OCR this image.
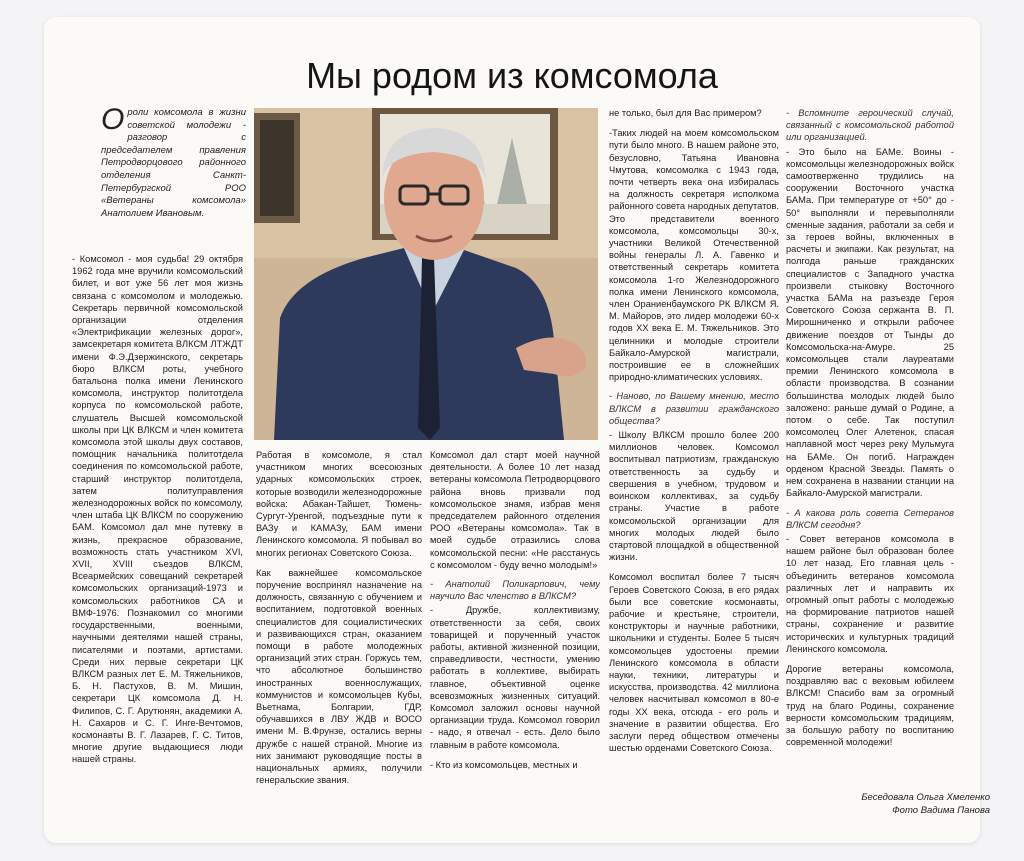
Мы родом из комсомола
О роли комсомола в жизни советской молодежи - разговор с председателем правления Петродворцового районного отделения Санкт-Петербургской РОО «Ветераны комсомола» Анатолием Ивановым.

- Комсомол - моя судьба! 29 октября 1962 года мне вручили комсомольский билет, и вот уже 56 лет моя жизнь связана с комсомолом и молодежью. Секретарь первичной комсомольской организации отделения «Электрификации железных дорог», замсекретаря комитета ВЛКСМ ЛТЖДТ имени Ф.Э.Дзержинского, секретарь бюро ВЛКСМ роты, учебного батальона полка имени Ленинского комсомола, инструктор политотдела корпуса по комсомольской работе, слушатель Высшей комсомольской школы при ЦК ВЛКСМ и член комитета комсомола этой школы двух составов, помощник начальника политотдела соединения по комсомольской работе, старший инструктор политотдела, затем политуправления железнодорожных войск по комсомолу, член штаба ЦК ВЛКСМ по сооружению БАМ. Комсомол дал мне путевку в жизнь, прекрасное образование, возможность стать участником XVI, XVII, XVIII съездов ВЛКСМ, Всеармейских совещаний секретарей комсомольских организаций-1973 и комсомольских работников СА и ВМФ-1976. Познакомил со многими государственными, военными, научными деятелями нашей страны, писателями и поэтами, артистами. Среди них первые секретари ЦК ВЛКСМ разных лет Е. М. Тяжельников, Б. Н. Пастухов, В. М. Мишин, секретари ЦК комсомола Д. Н. Филипов, С. Г. Арутюнян, академики А. Н. Сахаров и С. Г. Инге-Вечтомов, космонавты В. Г. Лазарев, Г. С. Титов, многие другие выдающиеся люди нашей страны.

Работая в комсомоле, я стал участником многих всесоюзных ударных комсомольских строек, которые возводили железнодорожные войска: Абакан-Тайшет, Тюмень-Сургут-Уренгой, подъездные пути к ВАЗу и КАМАЗу, БАМ имени Ленинского комсомола. Я побывал во многих регионах Советского Союза.

Как важнейшее комсомольское поручение воспринял назначение на должность, связанную с обучением и воспитанием, подготовкой военных специалистов для социалистических и развивающихся стран, оказанием помощи в работе молодежных организаций этих стран. Горжусь тем, что абсолютное большинство иностранных военнослужащих, коммунистов и комсомольцев Кубы, Вьетнама, Болгарии, ГДР, обучавшихся в ЛВУ ЖДВ и ВОСО имени М. В.Фрунзе, остались верны дружбе с нашей страной. Многие из них занимают руководящие посты в национальных армиях, получили генеральские звания.

Комсомол дал старт моей научной деятельности. А более 10 лет назад ветераны комсомола Петродворцового района вновь призвали под комсомольское знамя, избрав меня председателем районного отделения РОО «Ветераны комсомола». Так в моей судьбе отразились слова комсомольской песни: «Не расстанусь с комсомолом - буду вечно молодым!»

- Анатолий Поликарпович, чему научило Вас членство в ВЛКСМ?

- Дружбе, коллективизму, ответственности за себя, своих товарищей и порученный участок работы, активной жизненной позиции, справедливости, честности, умению работать в коллективе, выбирать главное, объективной оценке всевозможных жизненных ситуаций. Комсомол заложил основы научной организации труда. Комсомол говорил - надо, я отвечал - есть. Дело было главным в работе комсомола.

- Кто из комсомольцев, местных и

не только, был для Вас примером?

-Таких людей на моем комсомольском пути было много. В нашем районе это, безусловно, Татьяна Ивановна Чмутова, комсомолка с 1943 года, почти четверть века она избиралась на должность секретаря исполкома районного совета народных депутатов. Это представители военного комсомола, комсомольцы 30-х, участники Великой Отечественной войны генералы Л. А. Гавенко и ответственный секретарь комитета комсомола 1-го Железнодорожного полка имени Ленинского комсомола, член Ораниенбаумского РК ВЛКСМ Я. М. Майоров, это лидер молодежи 60-х годов XX века Е. М. Тяжельников. Это целинники и молодые строители Байкало-Амурской магистрали, построившие ее в сложнейших природно-климатических условиях.

- Наново, по Вашему мнению, место ВЛКСМ в развитии гражданского общества?

- Школу ВЛКСМ прошло более 200 миллионов человек. Комсомол воспитывал патриотизм, гражданскую ответственность за судьбу и свершения в учебном, трудовом и воинском коллективах, за судьбу страны. Участие в работе комсомольской организации для многих молодых людей было стартовой площадкой в общественной жизни.

Комсомол воспитал более 7 тысяч Героев Советского Союза, в его рядах были все советские космонавты, рабочие и крестьяне, строители, конструкторы и научные работники, школьники и студенты. Более 5 тысяч комсомольцев удостоены премии Ленинского комсомола в области науки, техники, литературы и искусства, производства. 42 миллиона человек насчитывал комсомол в 80-е годы XX века, отсюда - его роль и значение в развитии общества. Его заслуги перед обществом отмечены шестью орденами Советского Союза.

- Вспомните героический случай, связанный с комсомольской работой или организацией.

- Это было на БАМе. Воины - комсомольцы железнодорожных войск самоотверженно трудились на сооружении Восточного участка БАМа. При температуре от +50° до - 50° выполняли и перевыполняли сменные задания, работали за себя и за героев войны, включенных в расчеты и экипажи. Как результат, на полгода раньше гражданских специалистов с Западного участка произвели стыковку Восточного участка БАМа на разъезде Героя Советского Союза сержанта В. П. Мирошниченко и открыли рабочее движение поездов от Тынды до Комсомольска-на-Амуре. 25 комсомольцев стали лауреатами премии Ленинского комсомола в области производства. В сознании большинства молодых людей было заложено: раньше думай о Родине, а потом о себе. Так поступил комсомолец Олег Алетенок, спасая наплавной мост через реку Мульмуга на БАМе. Он погиб. Награжден орденом Красной Звезды. Память о нем сохранена в названии станции на Байкало-Амурской магистрали.

- А какова роль совета Сетеранов ВЛКСМ сегодня?

- Совет ветеранов комсомола в нашем районе был образован более 10 лет назад. Его главная цель - объединить ветеранов комсомола различных лет и направить их огромный опыт работы с молодежью на формирование патриотов нашей страны, сохранение и развитие исторических и культурных традиций Ленинского комсомола.

Дорогие ветераны комсомола, поздравляю вас с вековым юбилеем ВЛКСМ! Спасибо вам за огромный труд на благо Родины, сохранение верности комсомольским традициям, за большую работу по воспитанию современной молодежи!

Беседовала Ольга Хмеленко
Фото Вадима Панова
